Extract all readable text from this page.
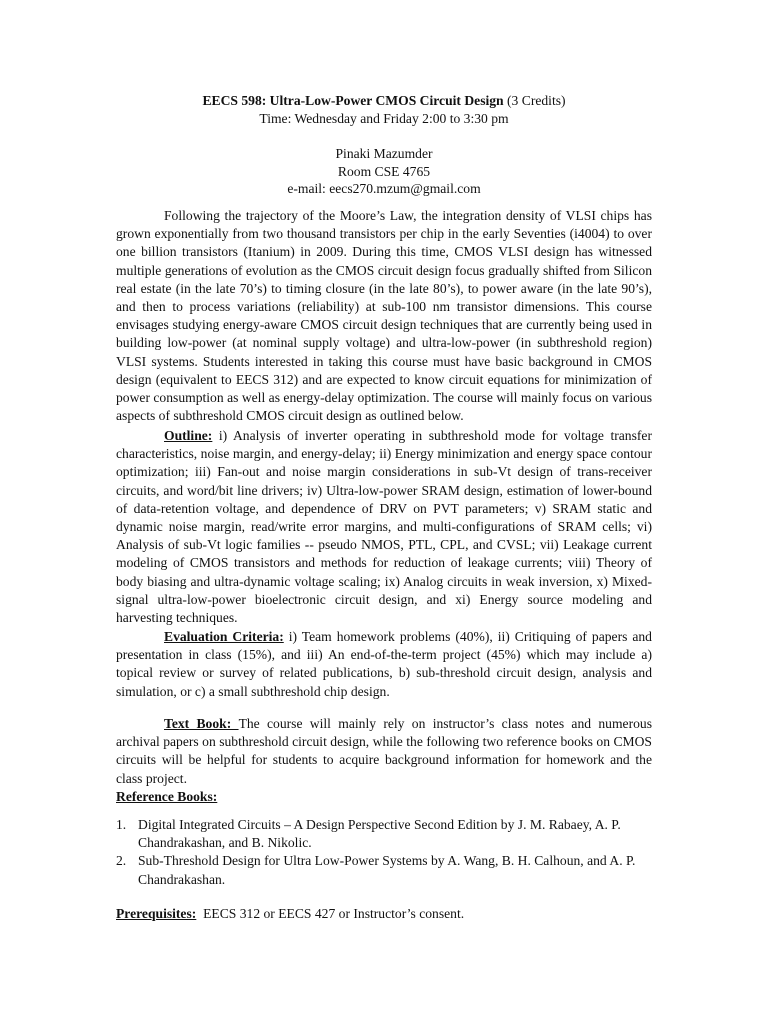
EECS 598: Ultra-Low-Power CMOS Circuit Design (3 Credits)
Time: Wednesday and Friday 2:00 to 3:30 pm
Pinaki Mazumder
Room CSE 4765
e-mail: eecs270.mzum@gmail.com

Following the trajectory of the Moore’s Law, the integration density of VLSI chips has grown exponentially from two thousand transistors per chip in the early Seventies (i4004) to over one billion transistors (Itanium) in 2009. During this time, CMOS VLSI design has witnessed multiple generations of evolution as the CMOS circuit design focus gradually shifted from Silicon real estate (in the late 70’s) to timing closure (in the late 80’s), to power aware (in the late 90’s), and then to process variations (reliability) at sub-100 nm transistor dimensions. This course envisages studying energy-aware CMOS circuit design techniques that are currently being used in building low-power (at nominal supply voltage) and ultra-low-power (in subthreshold region) VLSI systems. Students interested in taking this course must have basic background in CMOS design (equivalent to EECS 312) and are expected to know circuit equations for minimization of power consumption as well as energy-delay optimization. The course will mainly focus on various aspects of subthreshold CMOS circuit design as outlined below.

Outline: i) Analysis of inverter operating in subthreshold mode for voltage transfer characteristics, noise margin, and energy-delay; ii) Energy minimization and energy space contour optimization; iii) Fan-out and noise margin considerations in sub-Vt design of trans-receiver circuits, and word/bit line drivers; iv) Ultra-low-power SRAM design, estimation of lower-bound of data-retention voltage, and dependence of DRV on PVT parameters; v) SRAM static and dynamic noise margin, read/write error margins, and multi-configurations of SRAM cells; vi) Analysis of sub-Vt logic families -- pseudo NMOS, PTL, CPL, and CVSL; vii) Leakage current modeling of CMOS transistors and methods for reduction of leakage currents; viii) Theory of body biasing and ultra-dynamic voltage scaling; ix) Analog circuits in weak inversion, x) Mixed-signal ultra-low-power bioelectronic circuit design, and xi) Energy source modeling and harvesting techniques.

Evaluation Criteria: i) Team homework problems (40%), ii) Critiquing of papers and presentation in class (15%), and iii) An end-of-the-term project (45%) which may include a) topical review or survey of related publications, b) sub-threshold circuit design, analysis and simulation, or c) a small subthreshold chip design.

Text Book: The course will mainly rely on instructor’s class notes and numerous archival papers on subthreshold circuit design, while the following two reference books on CMOS circuits will be helpful for students to acquire background information for homework and the class project.

Reference Books:
1. Digital Integrated Circuits – A Design Perspective Second Edition by J. M. Rabaey, A. P. Chandrakashan, and B. Nikolic.
2. Sub-Threshold Design for Ultra Low-Power Systems by A. Wang, B. H. Calhoun, and A. P. Chandrakashan.
Prerequisites:  EECS 312 or EECS 427 or Instructor’s consent.
